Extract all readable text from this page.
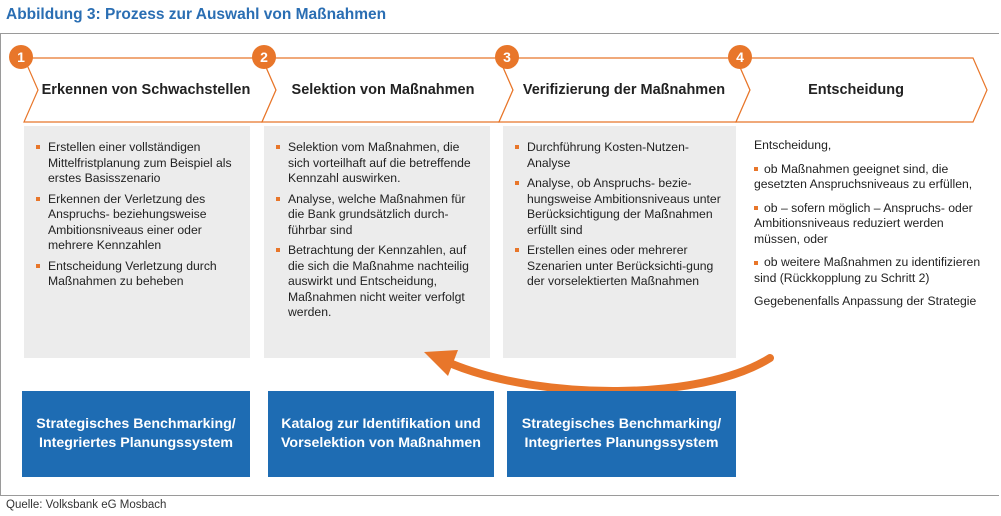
Abbildung 3: Prozess zur Auswahl von Maßnahmen
1	2	3	4
Erkennen von Schwachstellen	Selektion von Maßnahmen	Verifizierung der Maßnahmen	Entscheidung
Erstellen einer vollständigen Mittelfristplanung zum Beispiel als erstes Basisszenario
Erkennen der Verletzung des Anspruchs- beziehungsweise Ambitionsniveaus einer oder mehrere Kennzahlen
Entscheidung Verletzung durch Maßnahmen zu beheben
Selektion vom Maßnahmen, die sich vorteilhaft auf die betreffende Kennzahl auswirken.
Analyse, welche Maßnahmen für die Bank grundsätzlich durch-führbar sind
Betrachtung der Kennzahlen, auf die sich die Maßnahme nachteilig auswirkt und Entscheidung, Maßnahmen nicht weiter verfolgt werden.
Durchführung Kosten-Nutzen-Analyse
Analyse, ob Anspruchs- bezie-hungsweise Ambitionsniveaus unter Berücksichtigung der Maßnahmen erfüllt sind
Erstellen eines oder mehrerer Szenarien unter Berücksichti-gung der vorselektierten Maßnahmen
Entscheidung,
ob Maßnahmen geeignet sind, die gesetzten Anspruchsniveaus zu erfüllen,
ob – sofern möglich – Anspruchs- oder Ambitionsniveaus reduziert werden müssen, oder
ob weitere Maßnahmen zu identifizieren sind (Rückkopplung zu Schritt 2)
Gegebenenfalls Anpassung der Strategie
Strategisches Benchmarking/ Integriertes Planungssystem
Katalog zur Identifikation und Vorselektion von Maßnahmen
Strategisches Benchmarking/ Integriertes Planungssystem
Quelle: Volksbank eG Mosbach
